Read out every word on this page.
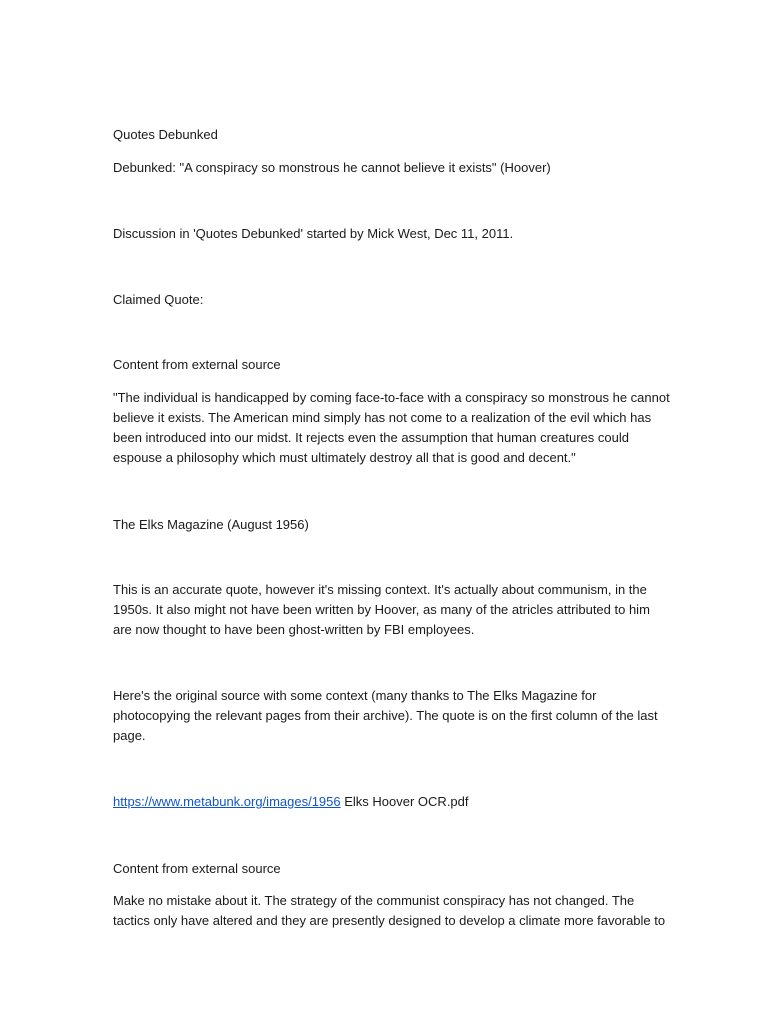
Quotes Debunked

Debunked: "A conspiracy so monstrous he cannot believe it exists" (Hoover)

Discussion in 'Quotes Debunked' started by Mick West, Dec 11, 2011.

Claimed Quote:

Content from external source

"The individual is handicapped by coming face-to-face with a conspiracy so monstrous he cannot
believe it exists. The American mind simply has not come to a realization of the evil which has
been introduced into our midst. It rejects even the assumption that human creatures could
espouse a philosophy which must ultimately destroy all that is good and decent."

The Elks Magazine (August 1956)

This is an accurate quote, however it's missing context. It's actually about communism, in the
1950s. It also might not have been written by Hoover, as many of the atricles attributed to him
are now thought to have been ghost-written by FBI employees.
Here's the original source with some context (many thanks to The Elks Magazine for
photocopying the relevant pages from their archive). The quote is on the first column of the last
page.

https://www.metabunk.org/images/1956 Elks Hoover OCR.pdf

Content from external source

Make no mistake about it. The strategy of the communist conspiracy has not changed. The
tactics only have altered and they are presently designed to develop a climate more favorable to
